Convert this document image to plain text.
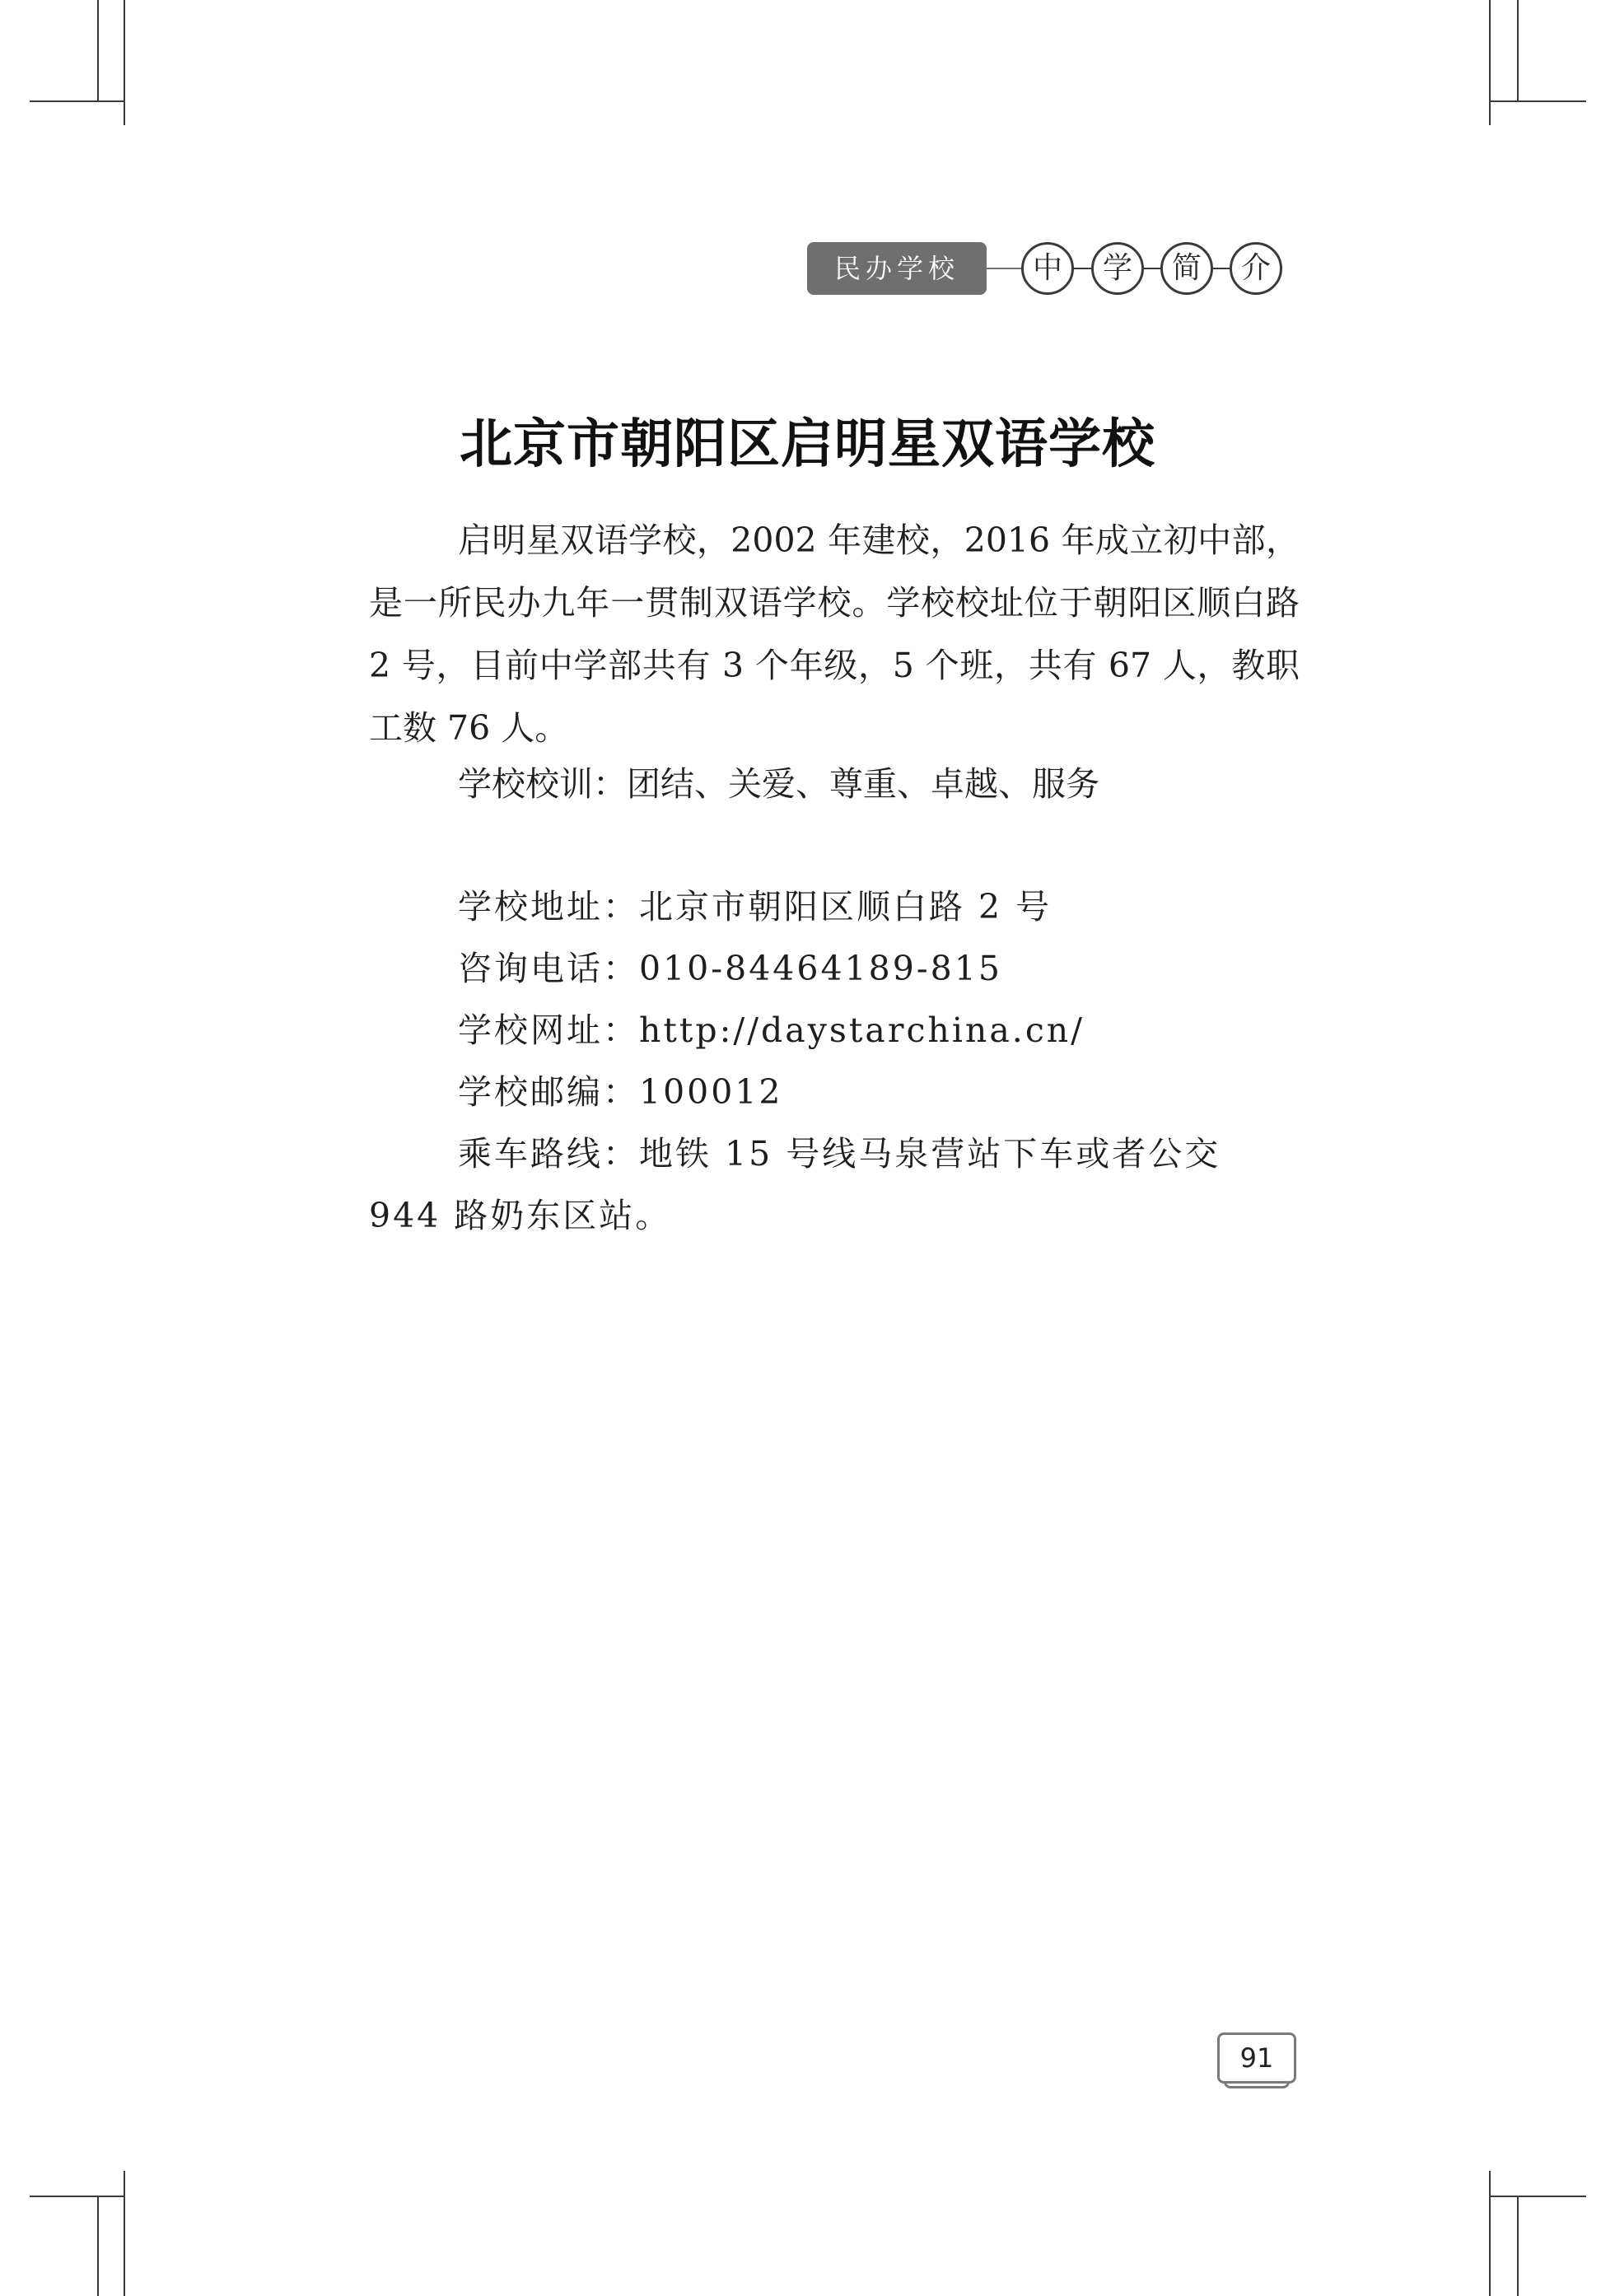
民办学校	中	学	简	介
北京市朝阳区启明星双语学校

启明星双语学校，2002 年建校，2016 年成立初中部，是一所民办九年一贯制双语学校。学校校址位于朝阳区顺白路 2 号，目前中学部共有 3 个年级，5 个班，共有 67 人，教职工数 76 人。

学校校训：团结、关爱、尊重、卓越、服务

学校地址：北京市朝阳区顺白路 2 号

咨询电话：010-84464189-815

学校网址：http://daystarchina.cn/

学校邮编：100012

乘车路线：地铁 15 号线马泉营站下车或者公交 944 路奶东区站。

91
